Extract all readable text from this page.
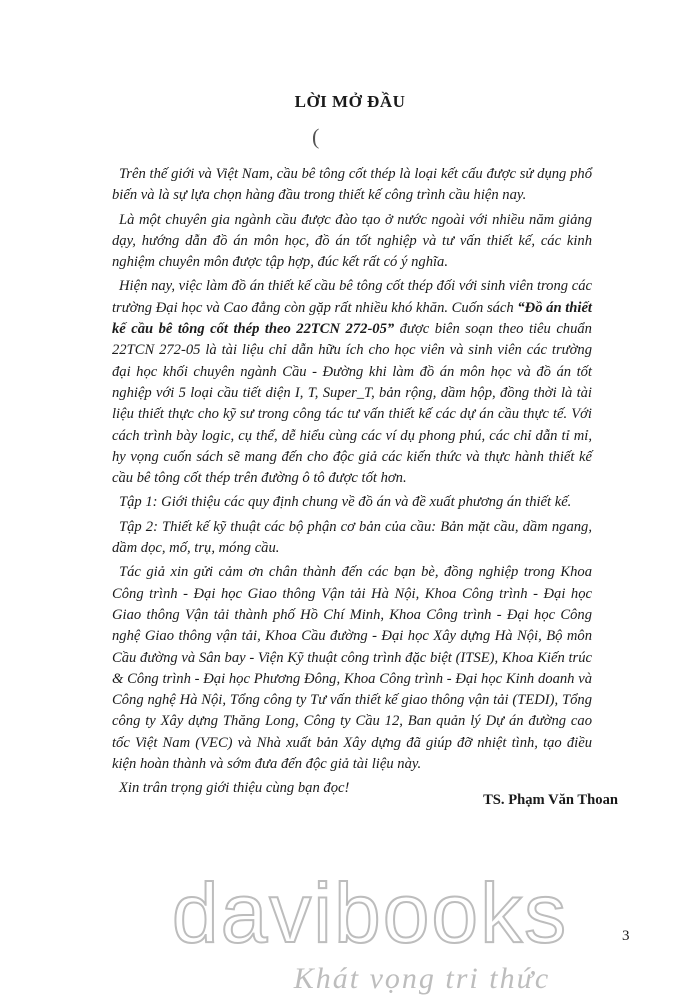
LỜI MỞ ĐẦU
(

Trên thế giới và Việt Nam, cầu bê tông cốt thép là loại kết cấu được sử dụng phổ biến và là sự lựa chọn hàng đầu trong thiết kế công trình cầu hiện nay.

Là một chuyên gia ngành cầu được đào tạo ở nước ngoài với nhiều năm giảng dạy, hướng dẫn đồ án môn học, đồ án tốt nghiệp và tư vấn thiết kế, các kinh nghiệm chuyên môn được tập hợp, đúc kết rất có ý nghĩa.

Hiện nay, việc làm đồ án thiết kế cầu bê tông cốt thép đối với sinh viên trong các trường Đại học và Cao đẳng còn gặp rất nhiều khó khăn. Cuốn sách “Đồ án thiết kế cầu bê tông cốt thép theo 22TCN 272-05” được biên soạn theo tiêu chuẩn 22TCN 272-05 là tài liệu chỉ dẫn hữu ích cho học viên và sinh viên các trường đại học khối chuyên ngành Cầu - Đường khi làm đồ án môn học và đồ án tốt nghiệp với 5 loại cầu tiết diện I, T, Super_T, bản rộng, dầm hộp, đồng thời là tài liệu thiết thực cho kỹ sư trong công tác tư vấn thiết kế các dự án cầu thực tế. Với cách trình bày logic, cụ thể, dễ hiểu cùng các ví dụ phong phú, các chỉ dẫn tỉ mỉ, hy vọng cuốn sách sẽ mang đến cho độc giả các kiến thức và thực hành thiết kế cầu bê tông cốt thép trên đường ô tô được tốt hơn.

Tập 1: Giới thiệu các quy định chung về đồ án và đề xuất phương án thiết kế.

Tập 2: Thiết kế kỹ thuật các bộ phận cơ bản của cầu: Bản mặt cầu, dầm ngang, dầm dọc, mố, trụ, móng cầu.

Tác giả xin gửi cảm ơn chân thành đến các bạn bè, đồng nghiệp trong Khoa Công trình - Đại học Giao thông Vận tải Hà Nội, Khoa Công trình - Đại học Giao thông Vận tải thành phố Hồ Chí Minh, Khoa Công trình - Đại học Công nghệ Giao thông vận tải, Khoa Cầu đường - Đại học Xây dựng Hà Nội, Bộ môn Cầu đường và Sân bay - Viện Kỹ thuật công trình đặc biệt (ITSE), Khoa Kiến trúc & Công trình - Đại học Phương Đông, Khoa Công trình - Đại học Kinh doanh và Công nghệ Hà Nội, Tổng công ty Tư vấn thiết kế giao thông vận tải (TEDI), Tổng công ty Xây dựng Thăng Long, Công ty Cầu 12, Ban quản lý Dự án đường cao tốc Việt Nam (VEC) và Nhà xuất bản Xây dựng đã giúp đỡ nhiệt tình, tạo điều kiện hoàn thành và sớm đưa đến độc giả tài liệu này.

Xin trân trọng giới thiệu cùng bạn đọc!

TS. Phạm Văn Thoan
3
davibooks
Khát vọng tri thức
